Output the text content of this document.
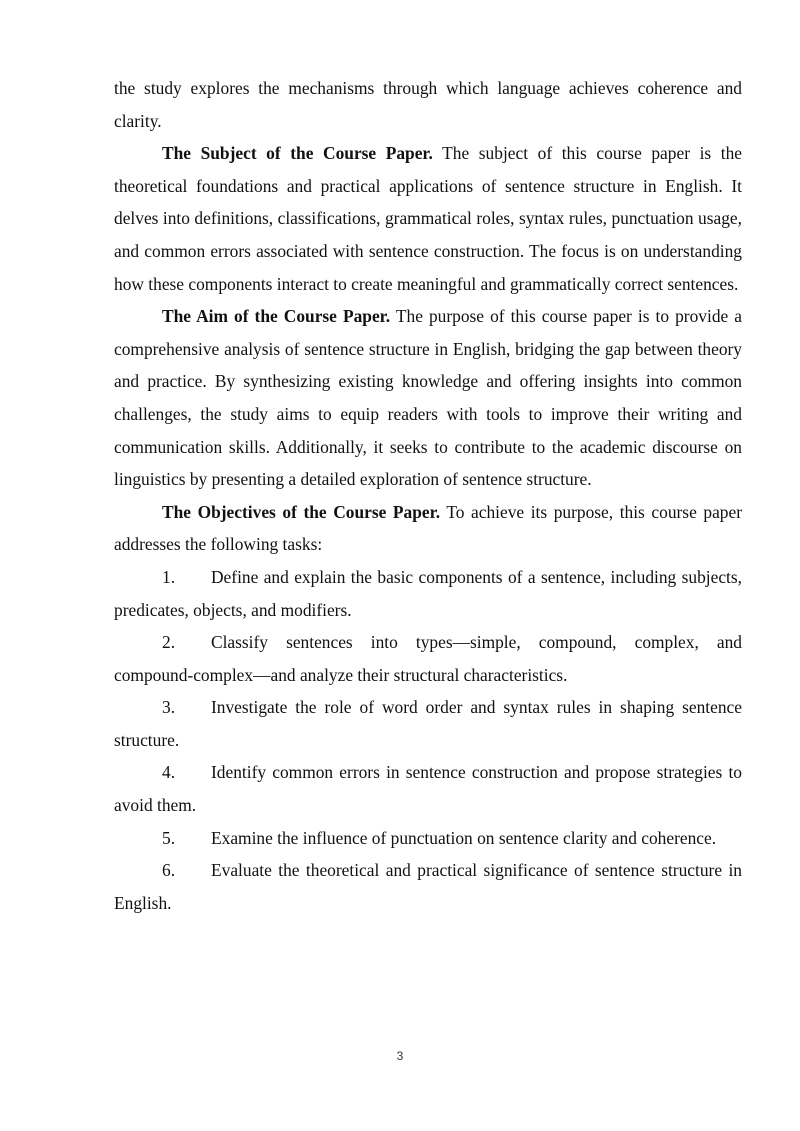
the study explores the mechanisms through which language achieves coherence and clarity.

The Subject of the Course Paper. The subject of this course paper is the theoretical foundations and practical applications of sentence structure in English. It delves into definitions, classifications, grammatical roles, syntax rules, punctuation usage, and common errors associated with sentence construction. The focus is on understanding how these components interact to create meaningful and grammatically correct sentences.

The Aim of the Course Paper. The purpose of this course paper is to provide a comprehensive analysis of sentence structure in English, bridging the gap between theory and practice. By synthesizing existing knowledge and offering insights into common challenges, the study aims to equip readers with tools to improve their writing and communication skills. Additionally, it seeks to contribute to the academic discourse on linguistics by presenting a detailed exploration of sentence structure.

The Objectives of the Course Paper. To achieve its purpose, this course paper addresses the following tasks:

1. Define and explain the basic components of a sentence, including subjects, predicates, objects, and modifiers.

2. Classify sentences into types—simple, compound, complex, and compound-complex—and analyze their structural characteristics.

3. Investigate the role of word order and syntax rules in shaping sentence structure.

4. Identify common errors in sentence construction and propose strategies to avoid them.

5. Examine the influence of punctuation on sentence clarity and coherence.

6. Evaluate the theoretical and practical significance of sentence structure in English.

3
